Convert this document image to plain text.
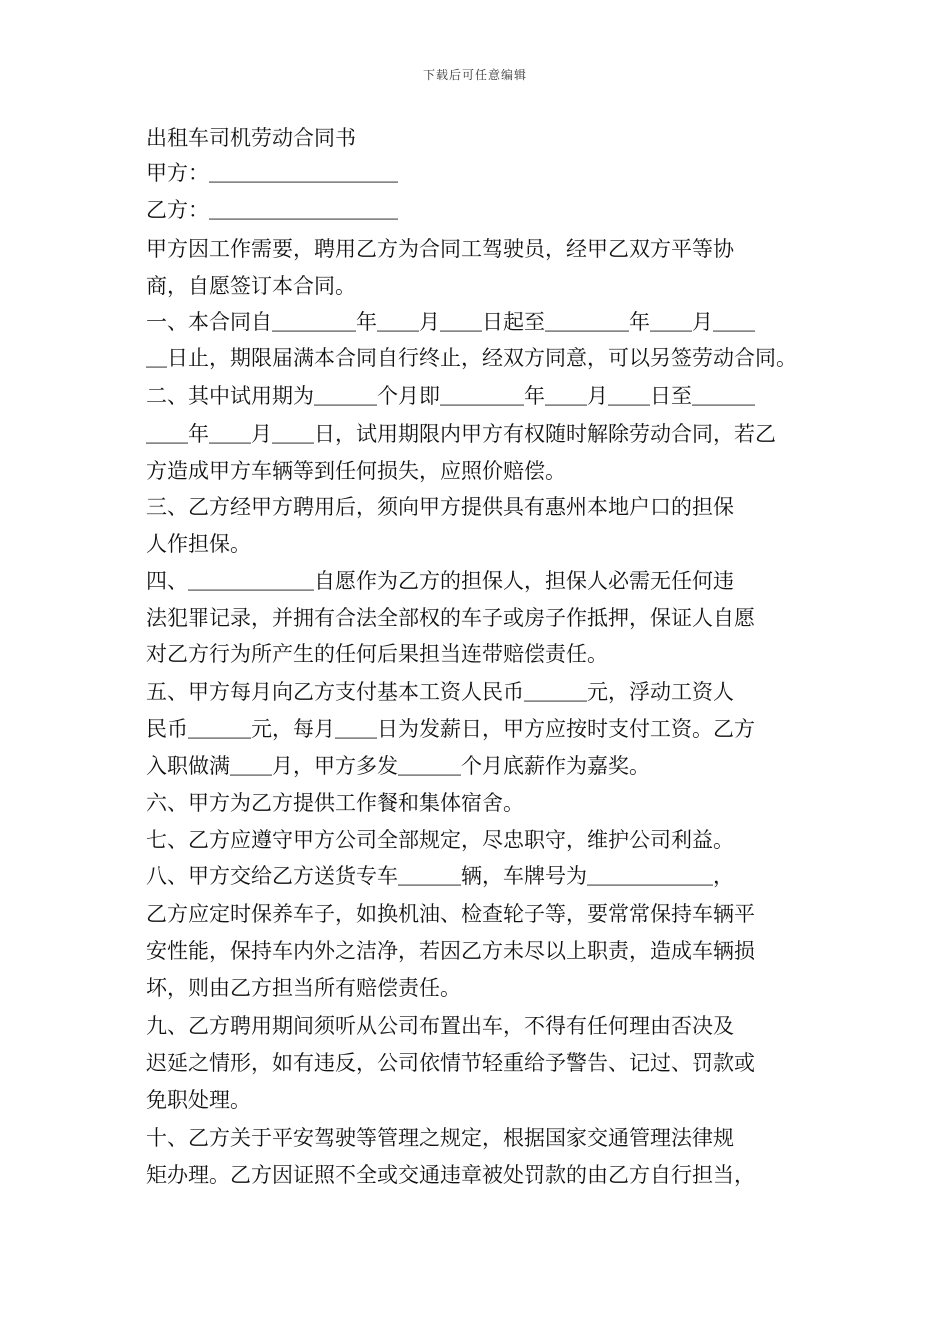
下载后可任意编辑
出租车司机劳动合同书
甲方：＿＿＿＿＿＿＿＿＿
乙方：＿＿＿＿＿＿＿＿＿
甲方因工作需要，聘用乙方为合同工驾驶员，经甲乙双方平等协
商，自愿签订本合同。
一、本合同自＿＿＿＿年＿＿月＿＿日起至＿＿＿＿年＿＿月＿＿
＿日止，期限届满本合同自行终止，经双方同意，可以另签劳动合同。
二、其中试用期为＿＿＿个月即＿＿＿＿年＿＿月＿＿日至＿＿＿
＿＿年＿＿月＿＿日，试用期限内甲方有权随时解除劳动合同，若乙
方造成甲方车辆等到任何损失，应照价赔偿。
三、乙方经甲方聘用后，须向甲方提供具有惠州本地户口的担保
人作担保。
四、＿＿＿＿＿＿自愿作为乙方的担保人，担保人必需无任何违
法犯罪记录，并拥有合法全部权的车子或房子作抵押，保证人自愿
对乙方行为所产生的任何后果担当连带赔偿责任。
五、甲方每月向乙方支付基本工资人民币＿＿＿元，浮动工资人
民币＿＿＿元，每月＿＿日为发薪日，甲方应按时支付工资。乙方
入职做满＿＿月，甲方多发＿＿＿个月底薪作为嘉奖。
六、甲方为乙方提供工作餐和集体宿舍。
七、乙方应遵守甲方公司全部规定，尽忠职守，维护公司利益。
八、甲方交给乙方送货专车＿＿＿辆，车牌号为＿＿＿＿＿＿，
乙方应定时保养车子，如换机油、检查轮子等，要常常保持车辆平
安性能，保持车内外之洁净，若因乙方未尽以上职责，造成车辆损
坏，则由乙方担当所有赔偿责任。
九、乙方聘用期间须听从公司布置出车，不得有任何理由否决及
迟延之情形，如有违反，公司依情节轻重给予警告、记过、罚款或
免职处理。
十、乙方关于平安驾驶等管理之规定，根据国家交通管理法律规
矩办理。乙方因证照不全或交通违章被处罚款的由乙方自行担当，
